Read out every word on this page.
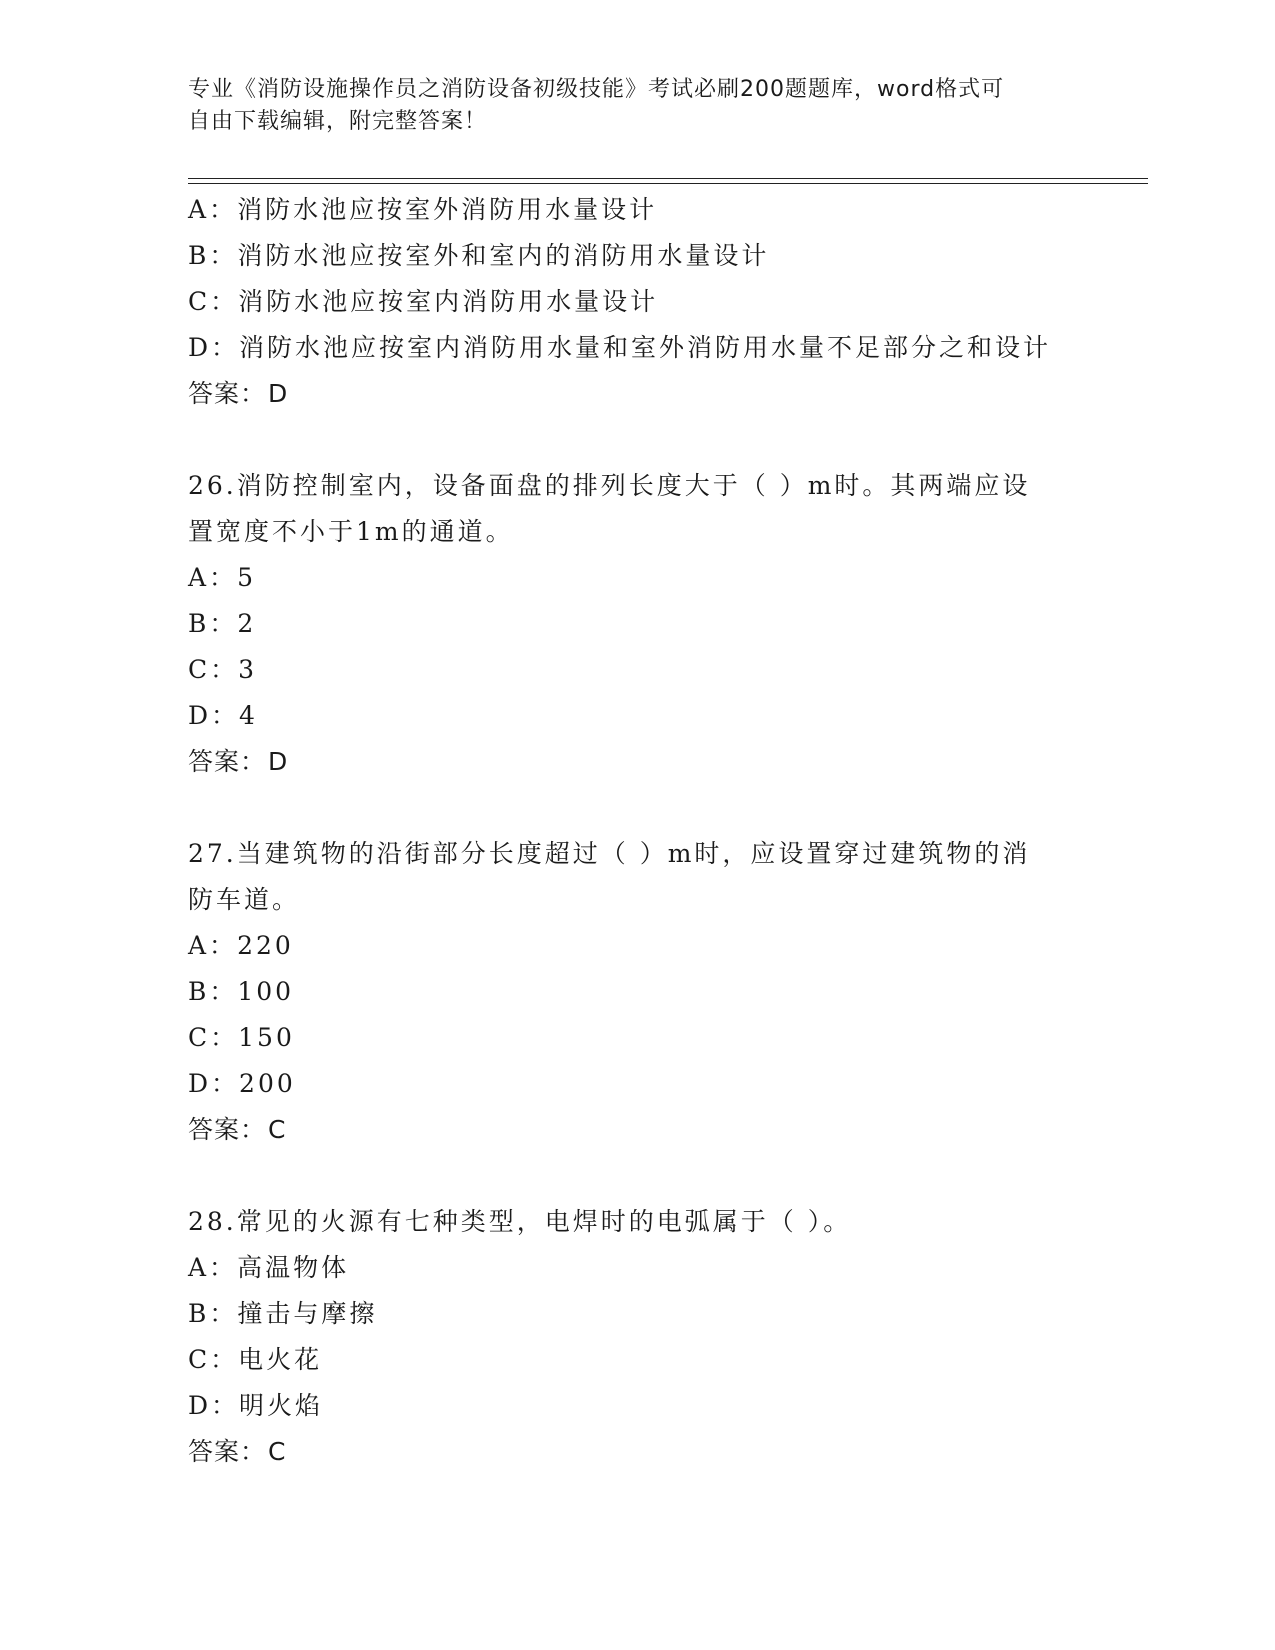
专业《消防设施操作员之消防设备初级技能》考试必刷200题题库，word格式可

自由下载编辑，附完整答案！

A：消防水池应按室外消防用水量设计
B：消防水池应按室外和室内的消防用水量设计
C：消防水池应按室内消防用水量设计
D：消防水池应按室内消防用水量和室外消防用水量不足部分之和设计
答案：D
26.消防控制室内，设备面盘的排列长度大于（ ）m时。其两端应设
置宽度不小于1m的通道。
A：5
B：2
C：3
D：4
答案：D
27.当建筑物的沿街部分长度超过（ ）m时，应设置穿过建筑物的消
防车道。
A：220
B：100
C：150
D：200
答案：C
28.常见的火源有七种类型，电焊时的电弧属于（ ）。
A：高温物体
B：撞击与摩擦
C：电火花
D：明火焰
答案：C
